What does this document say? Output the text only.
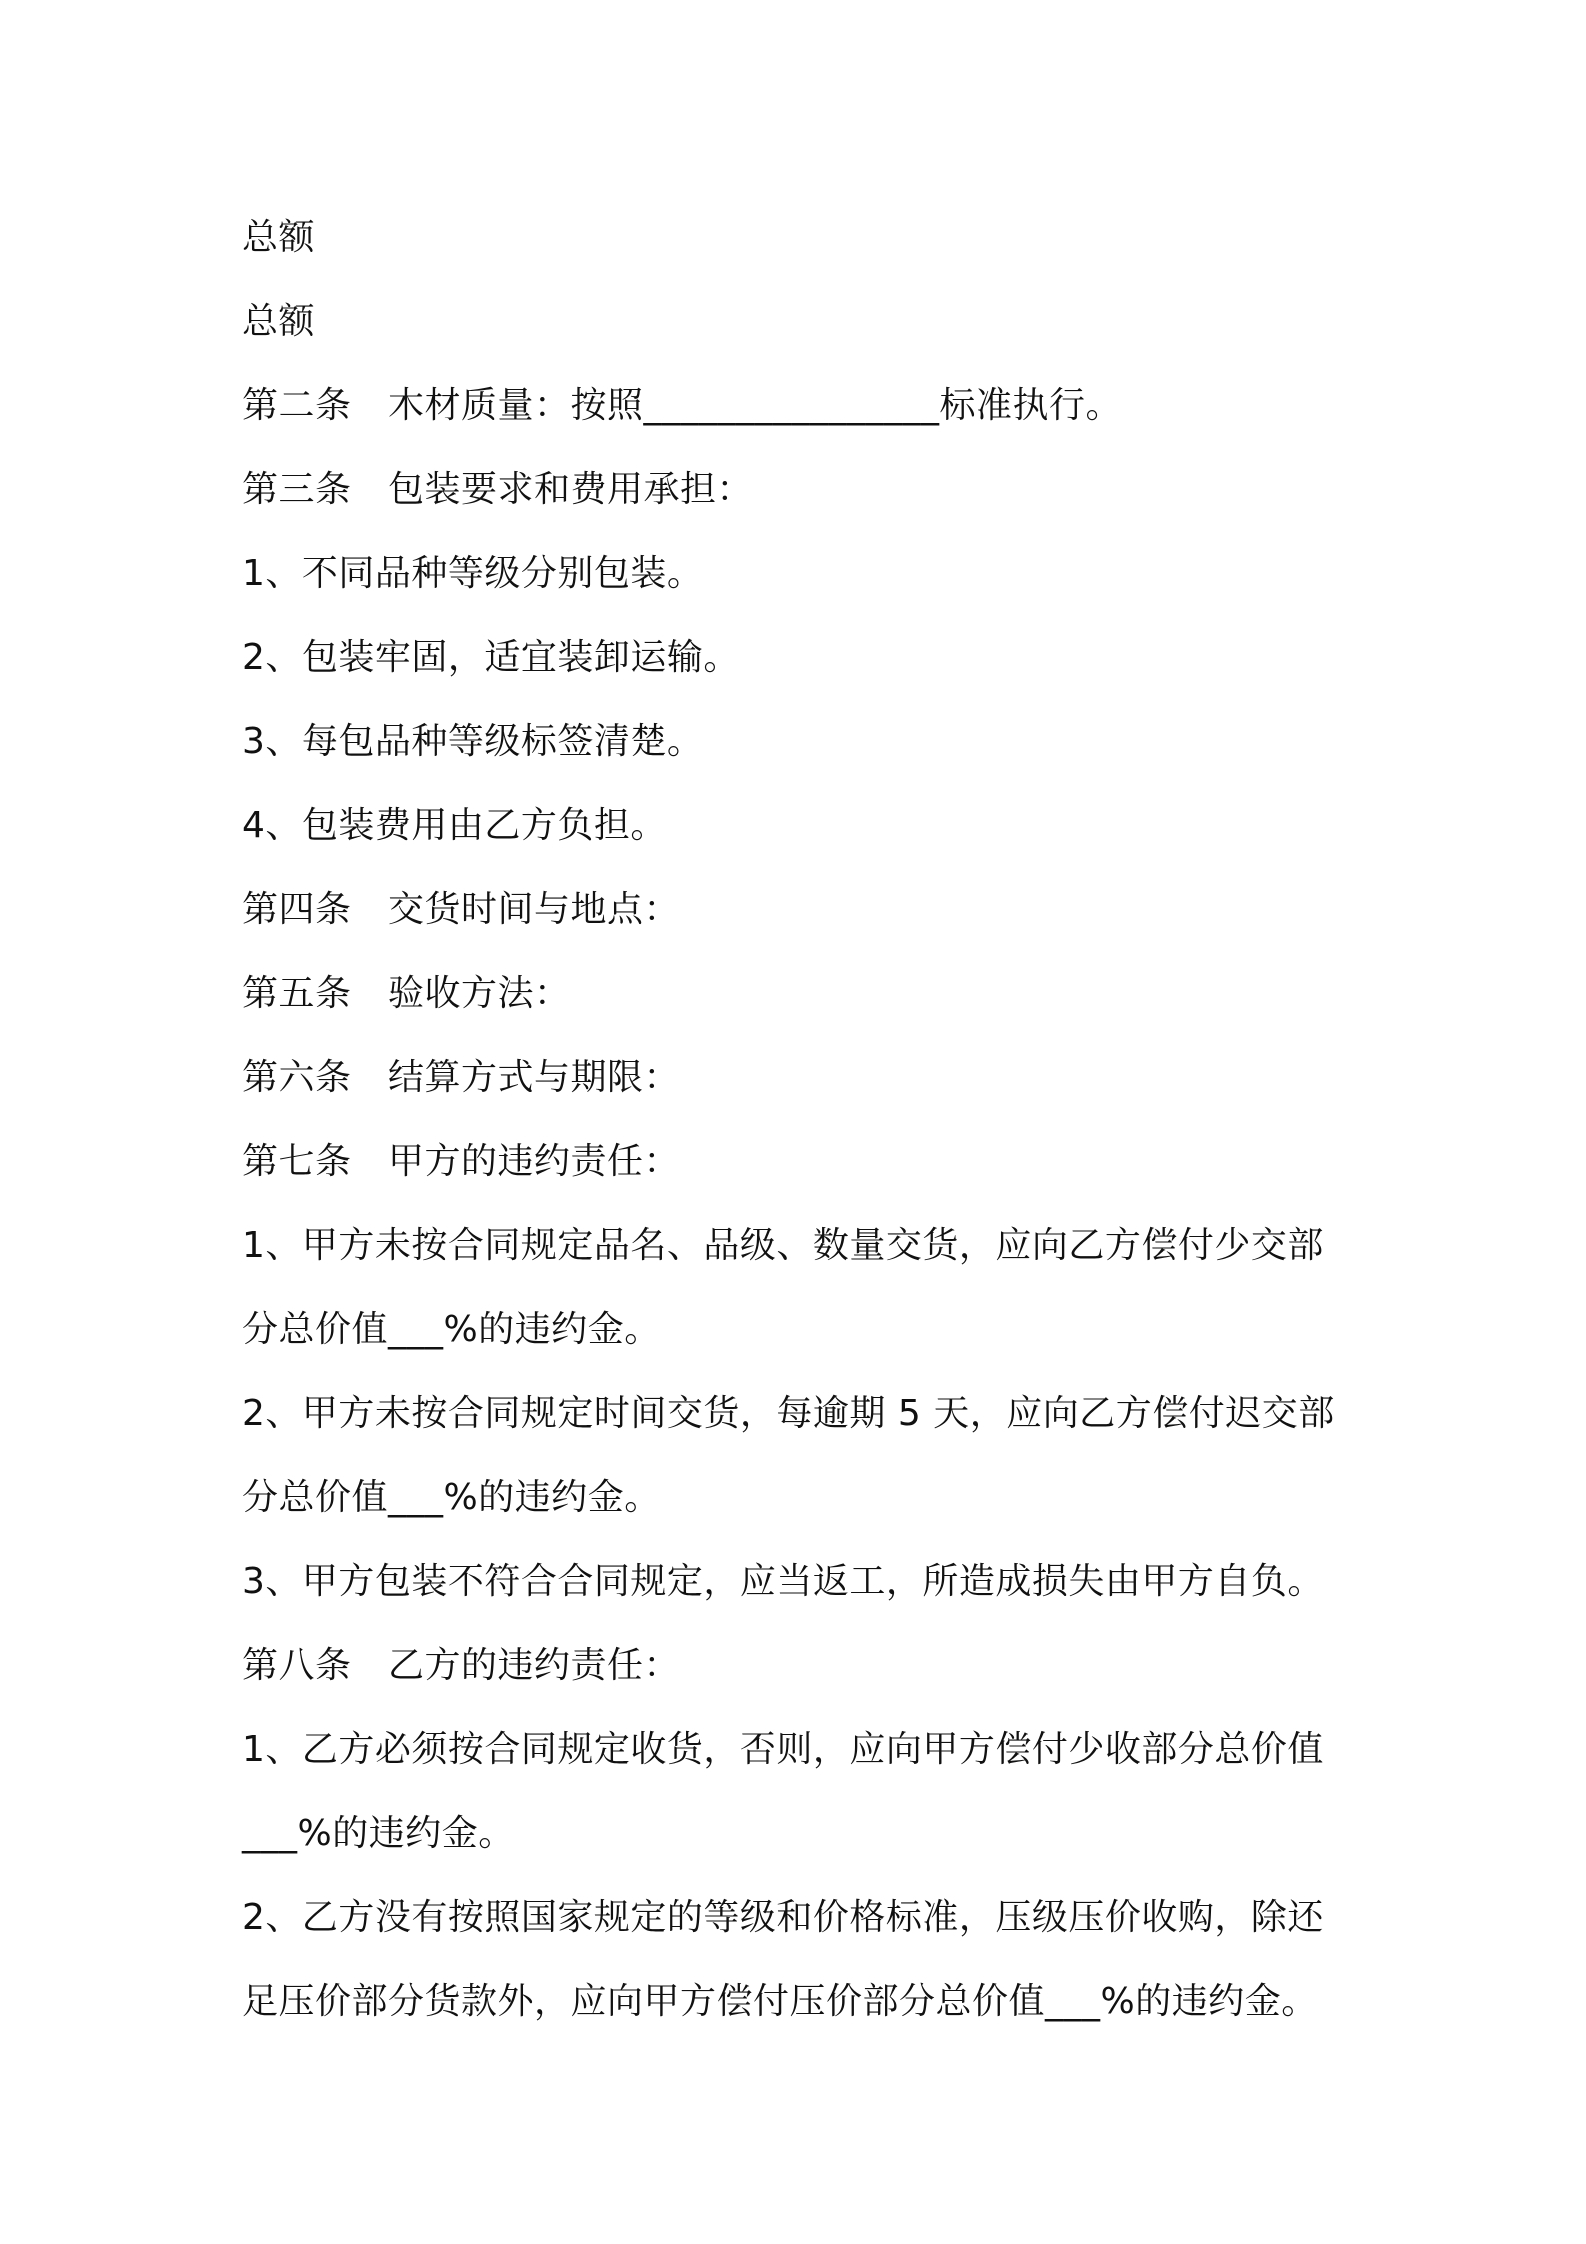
总额
总额
第二条　木材质量：按照________________标准执行。
第三条　包装要求和费用承担：
1、不同品种等级分别包装。
2、包装牢固，适宜装卸运输。
3、每包品种等级标签清楚。
4、包装费用由乙方负担。
第四条　交货时间与地点：
第五条　验收方法：
第六条　结算方式与期限：
第七条　甲方的违约责任：
1、甲方未按合同规定品名、品级、数量交货，应向乙方偿付少交部
分总价值___%的违约金。
2、甲方未按合同规定时间交货，每逾期 5 天，应向乙方偿付迟交部
分总价值___%的违约金。
3、甲方包装不符合合同规定，应当返工，所造成损失由甲方自负。
第八条　乙方的违约责任：
1、乙方必须按合同规定收货，否则，应向甲方偿付少收部分总价值
___%的违约金。
2、乙方没有按照国家规定的等级和价格标准，压级压价收购，除还
足压价部分货款外，应向甲方偿付压价部分总价值___%的违约金。
